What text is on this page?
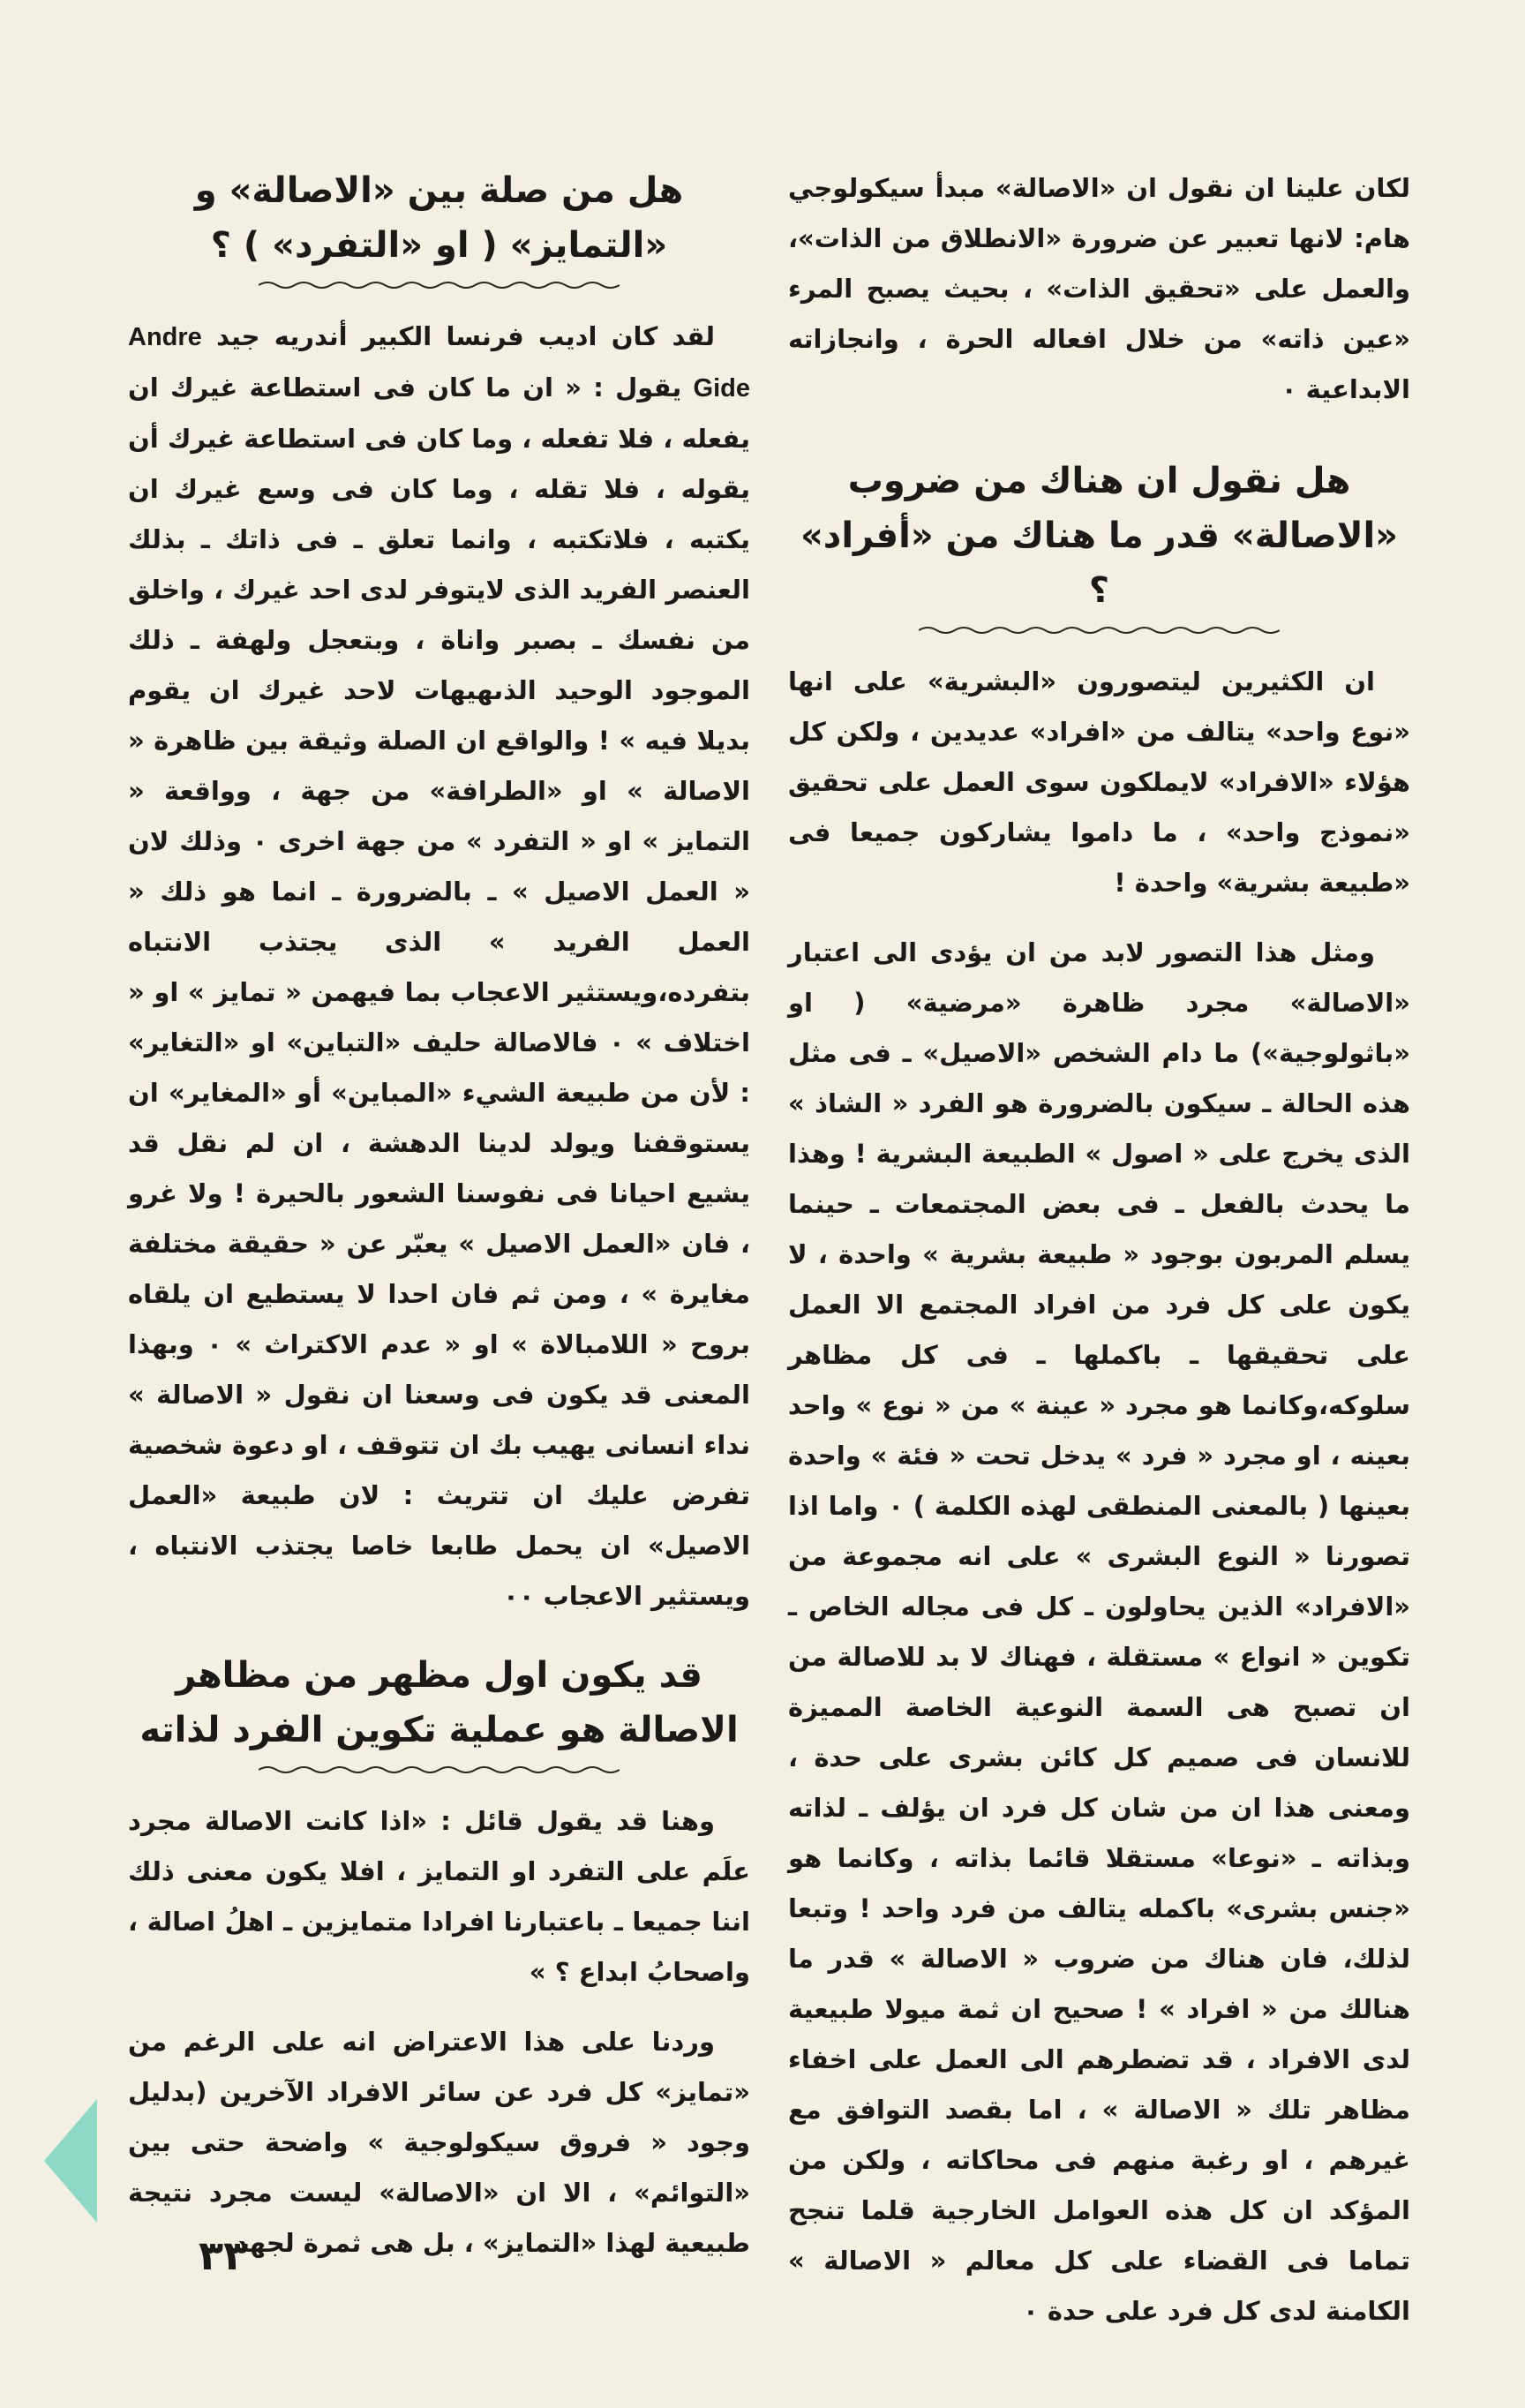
لكان علينا ان نقول ان «الاصالة» مبدأ سيكولوجي هام: لانها تعبير عن ضرورة «الانطلاق من الذات»، والعمل على «تحقيق الذات» ، بحيث يصبح المرء «عين ذاته» من خلال افعاله الحرة ، وانجازاته الابداعية ٠

هل نقول ان هناك من ضروب «الاصالة» قدر ما هناك من «أفراد» ؟

ان الكثيرين ليتصورون «البشرية» على انها «نوع واحد» يتالف من «افراد» عديدين ، ولكن كل هؤلاء «الافراد» لايملكون سوى العمل على تحقيق «نموذج واحد» ، ما داموا يشاركون جميعا فى «طبيعة بشرية» واحدة !

ومثل هذا التصور لابد من ان يؤدى الى اعتبار «الاصالة» مجرد ظاهرة «مرضية» ( او «باثولوجية») ما دام الشخص «الاصيل» ـ فى مثل هذه الحالة ـ سيكون بالضرورة هو الفرد « الشاذ » الذى يخرج على « اصول » الطبيعة البشرية ! وهذا ما يحدث بالفعل ـ فى بعض المجتمعات ـ حينما يسلم المربون بوجود « طبيعة بشرية » واحدة ، لا يكون على كل فرد من افراد المجتمع الا العمل على تحقيقها ـ باكملها ـ فى كل مظاهر سلوكه،وكانما هو مجرد « عينة » من « نوع » واحد بعينه ، او مجرد « فرد » يدخل تحت « فئة » واحدة بعينها ( بالمعنى المنطقى لهذه الكلمة ) ٠ واما اذا تصورنا « النوع البشرى » على انه مجموعة من «الافراد» الذين يحاولون ـ كل فى مجاله الخاص ـ تكوين « انواع » مستقلة ، فهناك لا بد للاصالة من ان تصبح هى السمة النوعية الخاصة المميزة للانسان فى صميم كل كائن بشرى على حدة ، ومعنى هذا ان من شان كل فرد ان يؤلف ـ لذاته وبذاته ـ «نوعا» مستقلا قائما بذاته ، وكانما هو «جنس بشرى» باكمله يتالف من فرد واحد ! وتبعا لذلك، فان هناك من ضروب « الاصالة » قدر ما هنالك من « افراد » ! صحيح ان ثمة ميولا طبيعية لدى الافراد ، قد تضطرهم الى العمل على اخفاء مظاهر تلك « الاصالة » ، اما بقصد التوافق مع غيرهم ، او رغبة منهم فى محاكاته ، ولكن من المؤكد ان كل هذه العوامل الخارجية قلما تنجح تماما فى القضاء على كل معالم « الاصالة » الكامنة لدى كل فرد على حدة ٠

هل من صلة بين «الاصالة» و «التمايز» ( او «التفرد» ) ؟

لقد كان اديب فرنسا الكبير أندريه جيد Andre Gide يقول : « ان ما كان فى استطاعة غيرك ان يفعله ، فلا تفعله ، وما كان فى استطاعة غيرك أن يقوله ، فلا تقله ، وما كان فى وسع غيرك ان يكتبه ، فلاتكتبه ، وانما تعلق ـ فى ذاتك ـ بذلك العنصر الفريد الذى لايتوفر لدى احد غيرك ، واخلق من نفسك ـ بصبر واناة ، وبتعجل ولهفة ـ ذلك الموجود الوحيد الذىهيهات لاحد غيرك ان يقوم بديلا فيه » ! والواقع ان الصلة وثيقة بين ظاهرة « الاصالة » او «الطرافة» من جهة ، وواقعة « التمايز » او « التفرد » من جهة اخرى ٠ وذلك لان « العمل الاصيل » ـ بالضرورة ـ انما هو ذلك « العمل الفريد » الذى يجتذب الانتباه بتفرده،ويستثير الاعجاب بما فيهمن « تمايز » او « اختلاف » ٠ فالاصالة حليف «التباين» او «التغاير» : لأن من طبيعة الشيء «المباين» أو «المغاير» ان يستوقفنا ويولد لدينا الدهشة ، ان لم نقل قد يشيع احيانا فى نفوسنا الشعور بالحيرة ! ولا غرو ، فان «العمل الاصيل » يعبّر عن « حقيقة مختلفة مغايرة » ، ومن ثم فان احدا لا يستطيع ان يلقاه بروح « اللامبالاة » او « عدم الاكتراث » ٠ وبهذا المعنى قد يكون فى وسعنا ان نقول « الاصالة » نداء انسانى يهيب بك ان تتوقف ، او دعوة شخصية تفرض عليك ان تتريث : لان طبيعة «العمل الاصيل» ان يحمل طابعا خاصا يجتذب الانتباه ، ويستثير الاعجاب ٠٠

قد يكون اول مظهر من مظاهر الاصالة هو عملية تكوين الفرد لذاته

وهنا قد يقول قائل : «اذا كانت الاصالة مجرد علَم على التفرد او التمايز ، افلا يكون معنى ذلك اننا جميعا ـ باعتبارنا افرادا متمايزين ـ اهلُ اصالة ، واصحابُ ابداع ؟ »

وردنا على هذا الاعتراض انه على الرغم من «تمايز» كل فرد عن سائر الافراد الآخرين (بدليل وجود « فروق سيكولوجية » واضحة حتى بين «التوائم» ، الا ان «الاصالة» ليست مجرد نتيجة طبيعية لهذا «التمايز» ، بل هى ثمرة لجهد

٣٣
